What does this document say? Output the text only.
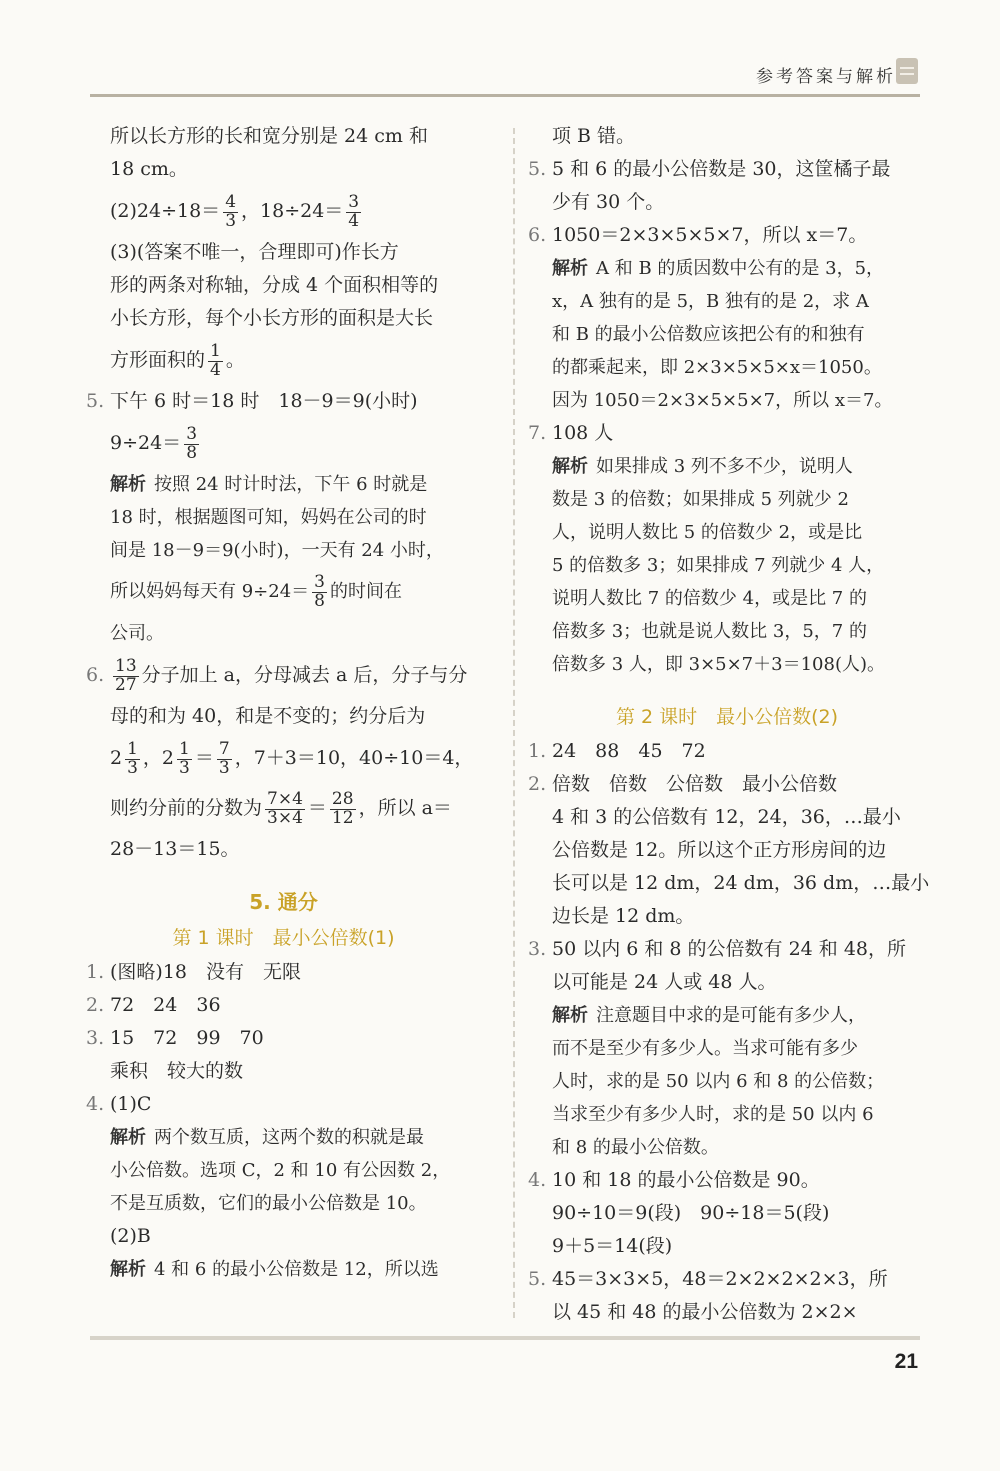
参考答案与解析
所以长方形的长和宽分别是 24 cm 和
18 cm。
$(2)24\div 18= \frac{4}{3}$ ，$18\div 24= \frac{3}{4}$
(3)(答案不唯一，合理即可)作长方
形的两条对称轴，分成 4 个面积相等的
小长方形，每个小长方形的面积是大长
方形面积的 $\frac{1}{4}$ 。
5. 下午 6 时＝18 时　18－9＝9(小时)
$9\div 24= \frac{3}{8}$
解析 按照 24 时计时法，下午 6 时就是
18 时，根据题图可知，妈妈在公司的时
间是 18－9＝9(小时)，一天有 24 小时，
所以妈妈每天有 $9\div 24= \frac{3}{8}$ 的时间在
公司。
6. $\frac{13}{27}$ 分子加上 a，分母减去 a 后，分子与分
母的和为 40，和是不变的；约分后为
$2 \frac{1}{3}$ ，$2 \frac{1}{3} = \frac{7}{3}$ ，7＋3＝10，40÷10＝4，
则约分前的分数为 $\frac{7\times 4}{3\times 4} = \frac{28}{12}$ ，所以 a＝
28－13＝15。
5. 通分
第 1 课时　最小公倍数(1)
1. (图略)18　没有　无限
2. 72　24　36
3. 15　72　99　70
乘积　较大的数
4. (1)C
解析 两个数互质，这两个数的积就是最
小公倍数。选项 C，2 和 10 有公因数 2，
不是互质数，它们的最小公倍数是 10。
(2)B
解析 4 和 6 的最小公倍数是 12，所以选
项 B 错。
5. 5 和 6 的最小公倍数是 30，这筐橘子最
少有 30 个。
6. 1050＝2×3×5×5×7，所以 x＝7。
解析 A 和 B 的质因数中公有的是 3，5，
x，A 独有的是 5，B 独有的是 2，求 A
和 B 的最小公倍数应该把公有的和独有
的都乘起来，即 2×3×5×5×x＝1050。
因为 1050＝2×3×5×5×7，所以 x＝7。
7. 108 人
解析 如果排成 3 列不多不少，说明人
数是 3 的倍数；如果排成 5 列就少 2
人，说明人数比 5 的倍数少 2，或是比
5 的倍数多 3；如果排成 7 列就少 4 人，
说明人数比 7 的倍数少 4，或是比 7 的
倍数多 3；也就是说人数比 3，5，7 的
倍数多 3 人，即 3×5×7＋3＝108(人)。
第 2 课时　最小公倍数(2)
1. 24　88　45　72
2. 倍数　倍数　公倍数　最小公倍数
4 和 3 的公倍数有 12，24，36，…最小
公倍数是 12。所以这个正方形房间的边
长可以是 12 dm，24 dm，36 dm，…最小
边长是 12 dm。
3. 50 以内 6 和 8 的公倍数有 24 和 48，所
以可能是 24 人或 48 人。
解析 注意题目中求的是可能有多少人，
而不是至少有多少人。当求可能有多少
人时，求的是 50 以内 6 和 8 的公倍数；
当求至少有多少人时，求的是 50 以内 6
和 8 的最小公倍数。
4. 10 和 18 的最小公倍数是 90。
90÷10＝9(段)　90÷18＝5(段)
9＋5＝14(段)
5. 45＝3×3×5，48＝2×2×2×2×3，所
以 45 和 48 的最小公倍数为 2×2×
21
